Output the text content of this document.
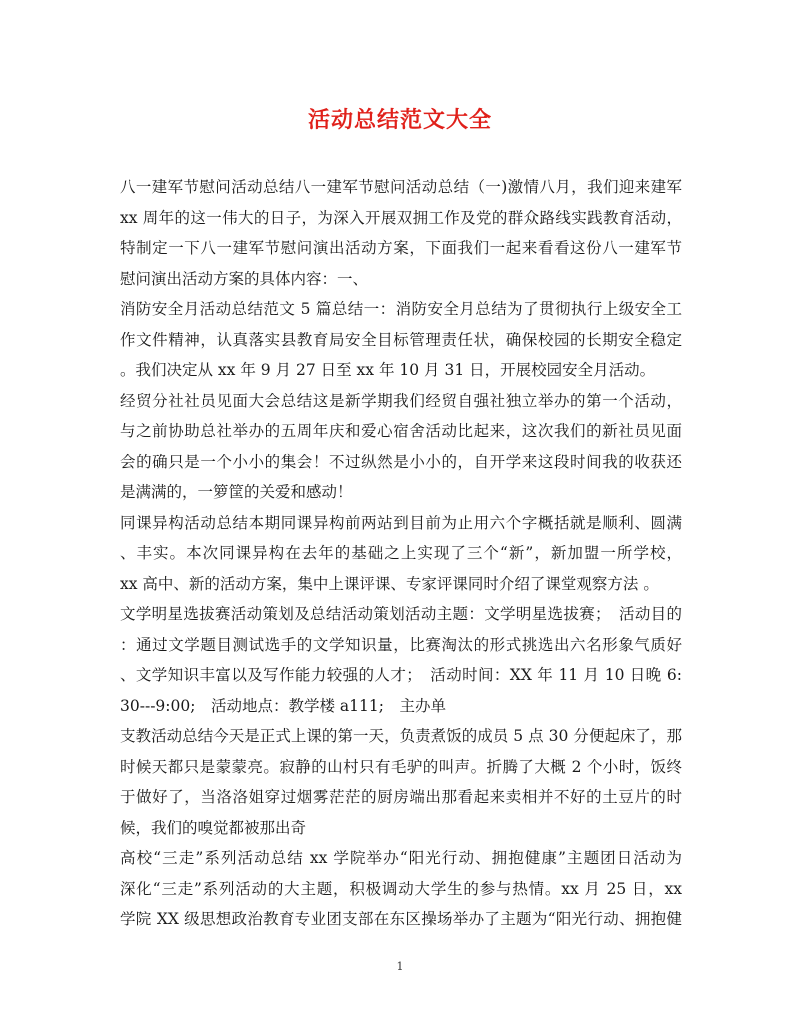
活动总结范文大全
八一建军节慰问活动总结八一建军节慰问活动总结（一)激情八月，我们迎来建军
xx 周年的这一伟大的日子，为深入开展双拥工作及党的群众路线实践教育活动，
特制定一下八一建军节慰问演出活动方案，下面我们一起来看看这份八一建军节
慰问演出活动方案的具体内容：一、
消防安全月活动总结范文 5 篇总结一：消防安全月总结为了贯彻执行上级安全工
作文件精神，认真落实县教育局安全目标管理责任状，确保校园的长期安全稳定
。我们决定从 xx 年 9 月 27 日至 xx 年 10 月 31 日，开展校园安全月活动。
经贸分社社员见面大会总结这是新学期我们经贸自强社独立举办的第一个活动，
与之前协助总社举办的五周年庆和爱心宿舍活动比起来，这次我们的新社员见面
会的确只是一个小小的集会！不过纵然是小小的，自开学来这段时间我的收获还
是满满的，一箩筐的关爱和感动！
同课异构活动总结本期同课异构前两站到目前为止用六个字概括就是顺利、圆满
、丰实。本次同课异构在去年的基础之上实现了三个“新”，新加盟一所学校，
xx 高中、新的活动方案，集中上课评课、专家评课同时介绍了课堂观察方法 。
文学明星选拔赛活动策划及总结活动策划活动主题：文学明星选拔赛；　活动目的
：通过文学题目测试选手的文学知识量，比赛淘汰的形式挑选出六名形象气质好
、文学知识丰富以及写作能力较强的人才；　活动时间：XX 年 11 月 10 日晚 6:
30---9:00;　活动地点：教学楼 a111;　主办单
支教活动总结今天是正式上课的第一天，负责煮饭的成员 5 点 30 分便起床了，那
时候天都只是蒙蒙亮。寂静的山村只有毛驴的叫声。折腾了大概 2 个小时，饭终
于做好了，当洛洛姐穿过烟雾茫茫的厨房端出那看起来卖相并不好的土豆片的时
候，我们的嗅觉都被那出奇
高校“三走”系列活动总结 xx 学院举办“阳光行动、拥抱健康”主题团日活动为
深化“三走”系列活动的大主题，积极调动大学生的参与热情。xx 月 25 日，xx
学院 XX 级思想政治教育专业团支部在东区操场举办了主题为“阳光行动、拥抱健
1
